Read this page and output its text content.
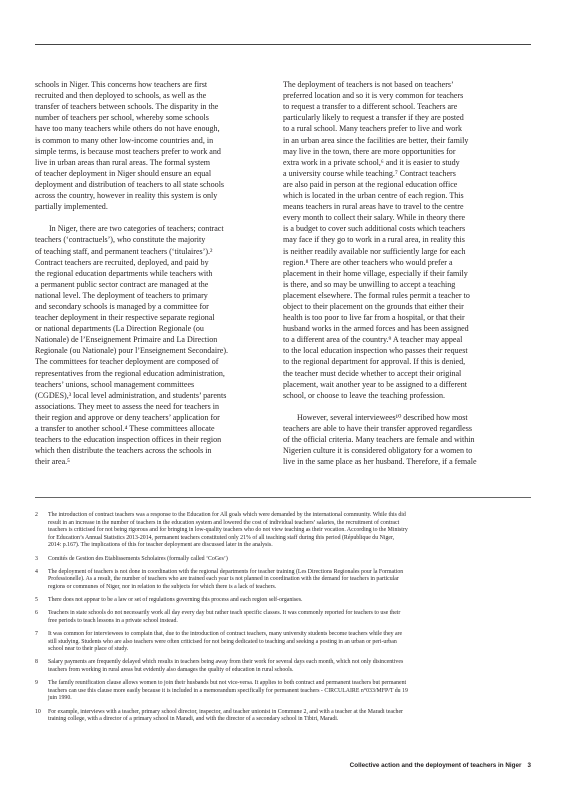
schools in Niger. This concerns how teachers are first
recruited and then deployed to schools, as well as the
transfer of teachers between schools. The disparity in the
number of teachers per school, whereby some schools
have too many teachers while others do not have enough,
is common to many other low-income countries and, in
simple terms, is because most teachers prefer to work and
live in urban areas than rural areas. The formal system
of teacher deployment in Niger should ensure an equal
deployment and distribution of teachers to all state schools
across the country, however in reality this system is only
partially implemented.

In Niger, there are two categories of teachers; contract
teachers (‘contractuels’), who constitute the majority
of teaching staff, and permanent teachers (‘titulaires’).²
Contract teachers are recruited, deployed, and paid by
the regional education departments while teachers with
a permanent public sector contract are managed at the
national level. The deployment of teachers to primary
and secondary schools is managed by a committee for
teacher deployment in their respective separate regional
or national departments (La Direction Regionale (ou
Nationale) de l’Enseignement Primaire and La Direction
Regionale (ou Nationale) pour l’Enseignement Secondaire).
The committees for teacher deployment are composed of
representatives from the regional education administration,
teachers’ unions, school management committees
(CGDES),³ local level administration, and students’ parents
associations. They meet to assess the need for teachers in
their region and approve or deny teachers’ application for
a transfer to another school.⁴ These committees allocate
teachers to the education inspection offices in their region
which then distribute the teachers across the schools in
their area.⁵

The deployment of teachers is not based on teachers’
preferred location and so it is very common for teachers
to request a transfer to a different school. Teachers are
particularly likely to request a transfer if they are posted
to a rural school. Many teachers prefer to live and work
in an urban area since the facilities are better, their family
may live in the town, there are more opportunities for
extra work in a private school,⁶ and it is easier to study
a university course while teaching.⁷ Contract teachers
are also paid in person at the regional education office
which is located in the urban centre of each region. This
means teachers in rural areas have to travel to the centre
every month to collect their salary. While in theory there
is a budget to cover such additional costs which teachers
may face if they go to work in a rural area, in reality this
is neither readily available nor sufficiently large for each
region.⁸ There are other teachers who would prefer a
placement in their home village, especially if their family
is there, and so may be unwilling to accept a teaching
placement elsewhere. The formal rules permit a teacher to
object to their placement on the grounds that either their
health is too poor to live far from a hospital, or that their
husband works in the armed forces and has been assigned
to a different area of the country.⁹ A teacher may appeal
to the local education inspection who passes their request
to the regional department for approval. If this is denied,
the teacher must decide whether to accept their original
placement, wait another year to be assigned to a different
school, or choose to leave the teaching profession.

However, several interviewees¹⁰ described how most
teachers are able to have their transfer approved regardless
of the official criteria. Many teachers are female and within
Nigerien culture it is considered obligatory for a women to
live in the same place as her husband. Therefore, if a female

2	The introduction of contract teachers was a response to the Education for All goals which were demanded by the international community. While this did
result in an increase in the number of teachers in the education system and lowered the cost of individual teachers’ salaries, the recruitment of contract
teachers is criticised for not being rigorous and for bringing in low-quality teachers who do not view teaching as their vocation. According to the Ministry
for Education’s Annual Statistics 2013-2014, permanent teachers constituted only 21% of all teaching staff during this period (République du Niger,
2014: p.167). The implications of this for teacher deployment are discussed later in the analysis.
3	Comités de Gestion des Etablissements Scholaires (formally called ‘CoGes’)
4	The deployment of teachers is not done in coordination with the regional departments for teacher training (Les Directions Regionales pour la Formation
Professionelle). As a result, the number of teachers who are trained each year is not planned in coordination with the demand for teachers in particular
regions or communes of Niger, nor in relation to the subjects for which there is a lack of teachers.
5	There does not appear to be a law or set of regulations governing this process and each region self-organises.
6	Teachers in state schools do not necessarily work all day every day but rather teach specific classes. It was commonly reported for teachers to use their
free periods to teach lessons in a private school instead.
7	It was common for interviewees to complain that, due to the introduction of contract teachers, many university students become teachers while they are
still studying. Students who are also teachers were often criticised for not being dedicated to teaching and seeking a posting in an urban or peri-urban
school near to their place of study.
8	Salary payments are frequently delayed which results in teachers being away from their work for several days each month, which not only disincentives
teachers from working in rural areas but evidently also damages the quality of education in rural schools.
9	The family reunification clause allows women to join their husbands but not vice-versa. It applies to both contract and permanent teachers but permanent
teachers can use this clause more easily because it is included in a memorandum specifically for permanent teachers - CIRCULAIRE n°033/MFP/T du 19
juin 1990.
10	For example, interviews with a teacher, primary school director, inspector, and teacher unionist in Commune 2, and with a teacher at the Maradi teacher
training college, with a director of a primary school in Maradi, and with the director of a secondary school in Tibiri, Maradi.
Collective action and the deployment of teachers in Niger 3
